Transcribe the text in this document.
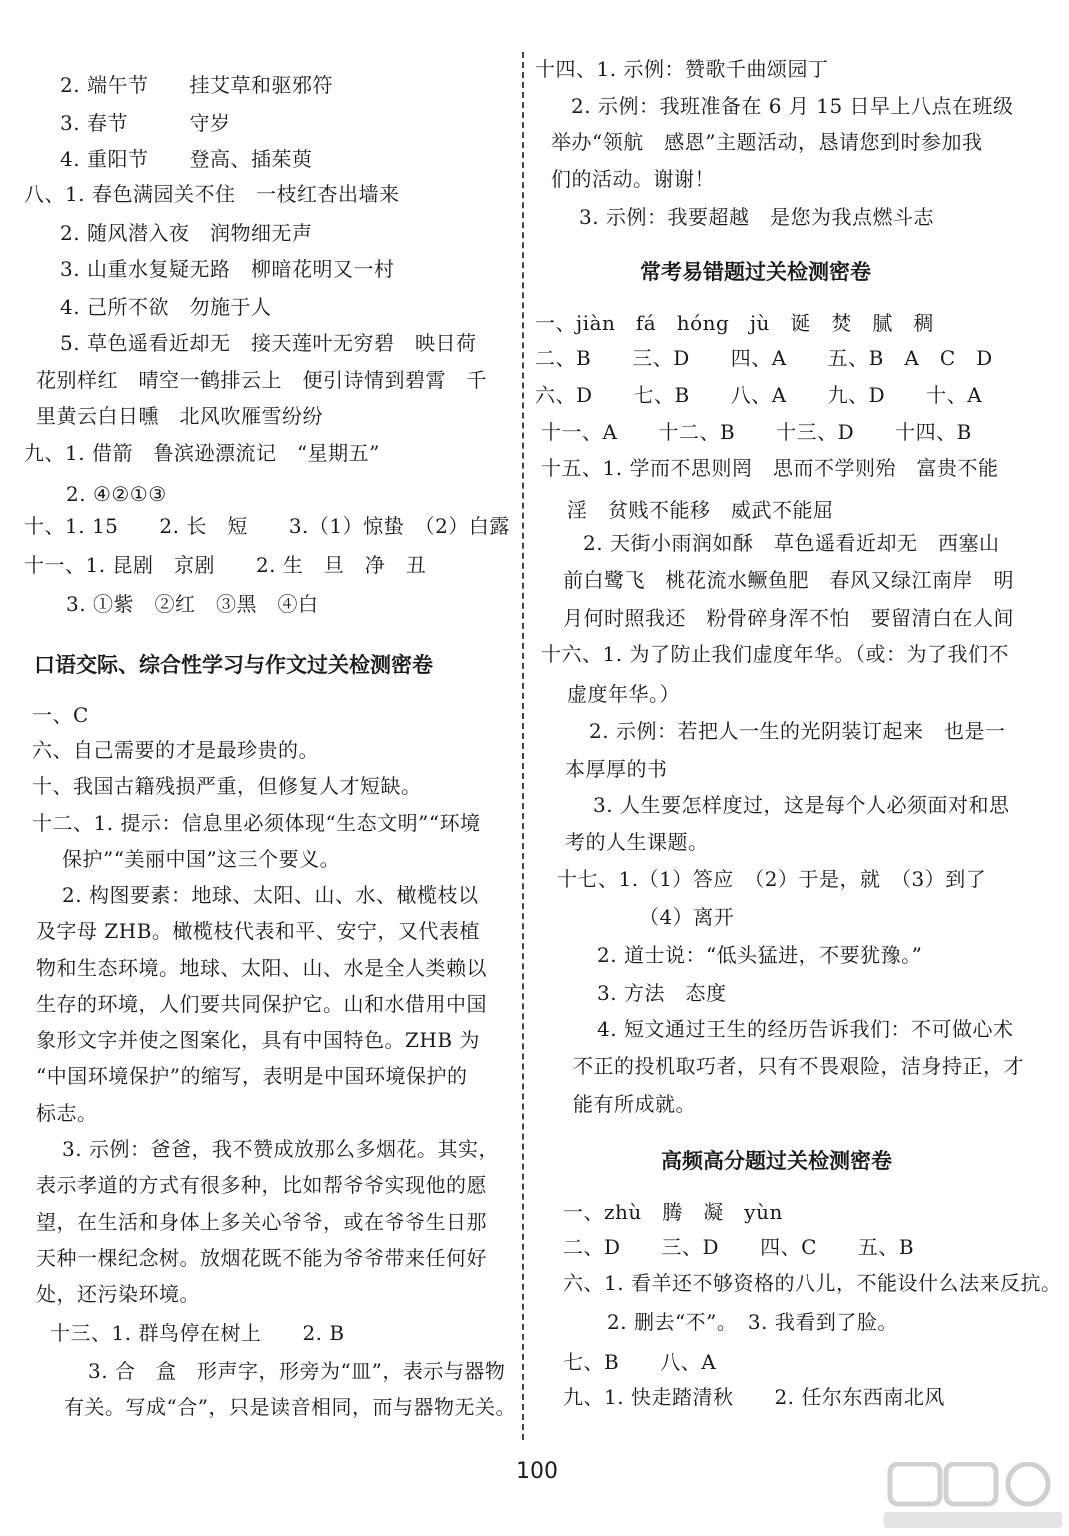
2. 端午节　　挂艾草和驱邪符
3. 春节　　　守岁
4. 重阳节　　登高、插茱萸
八、1. 春色满园关不住　一枝红杏出墙来
2. 随风潜入夜　润物细无声
3. 山重水复疑无路　柳暗花明又一村
4. 己所不欲　勿施于人
5. 草色遥看近却无　接天莲叶无穷碧　映日荷
花别样红　晴空一鹤排云上　便引诗情到碧霄　千
里黄云白日曛　北风吹雁雪纷纷
九、1. 借箭　鲁滨逊漂流记　“星期五”
2. ④②①③
十、1. 15　　2. 长　短　　3.（1）惊蛰　（2）白露
十一、1. 昆剧　京剧　　2. 生　旦　净　丑
3. ①紫　②红　③黑　④白
口语交际、综合性学习与作文过关检测密卷
一、C
六、自己需要的才是最珍贵的。
十、我国古籍残损严重，但修复人才短缺。
十二、1. 提示：信息里必须体现“生态文明”“环境
保护”“美丽中国”这三个要义。
2. 构图要素：地球、太阳、山、水、橄榄枝以
及字母 ZHB。橄榄枝代表和平、安宁，又代表植
物和生态环境。地球、太阳、山、水是全人类赖以
生存的环境，人们要共同保护它。山和水借用中国
象形文字并使之图案化，具有中国特色。ZHB 为
“中国环境保护”的缩写，表明是中国环境保护的
标志。
3. 示例：爸爸，我不赞成放那么多烟花。其实，
表示孝道的方式有很多种，比如帮爷爷实现他的愿
望，在生活和身体上多关心爷爷，或在爷爷生日那
天种一棵纪念树。放烟花既不能为爷爷带来任何好
处，还污染环境。
十三、1. 群鸟停在树上　　2. B
3. 合　盒　形声字，形旁为“皿”，表示与器物
有关。写成“合”，只是读音相同，而与器物无关。
十四、1. 示例：赞歌千曲颂园丁
2. 示例：我班准备在 6 月 15 日早上八点在班级
举办“领航　感恩”主题活动，恳请您到时参加我
们的活动。谢谢！
3. 示例：我要超越　是您为我点燃斗志
常考易错题过关检测密卷
一、jiàn　fá　hóng　jù　诞　焚　腻　稠
二、B　　三、D　　四、A　　五、B　A　C　D
六、D　　七、B　　八、A　　九、D　　十、A
十一、A　　十二、B　　十三、D　　十四、B
十五、1. 学而不思则罔　思而不学则殆　富贵不能
淫　贫贱不能移　威武不能屈
2. 天街小雨润如酥　草色遥看近却无　西塞山
前白鹭飞　桃花流水鳜鱼肥　春风又绿江南岸　明
月何时照我还　粉骨碎身浑不怕　要留清白在人间
十六、1. 为了防止我们虚度年华。（或：为了我们不
虚度年华。）
2. 示例：若把人一生的光阴装订起来　也是一
本厚厚的书
3. 人生要怎样度过，这是每个人必须面对和思
考的人生课题。
十七、1.（1）答应　（2）于是，就　（3）到了
（4）离开
2. 道士说：“低头猛进，不要犹豫。”
3. 方法　态度
4. 短文通过王生的经历告诉我们：不可做心术
不正的投机取巧者，只有不畏艰险，洁身持正，才
能有所成就。
高频高分题过关检测密卷
一、zhù　腾　凝　yùn
二、D　　三、D　　四、C　　五、B
六、1. 看羊还不够资格的八儿，不能设什么法来反抗。
2. 删去“不”。　3. 我看到了脸。
七、B　　八、A
九、1. 快走踏清秋　　2. 任尔东西南北风
100
